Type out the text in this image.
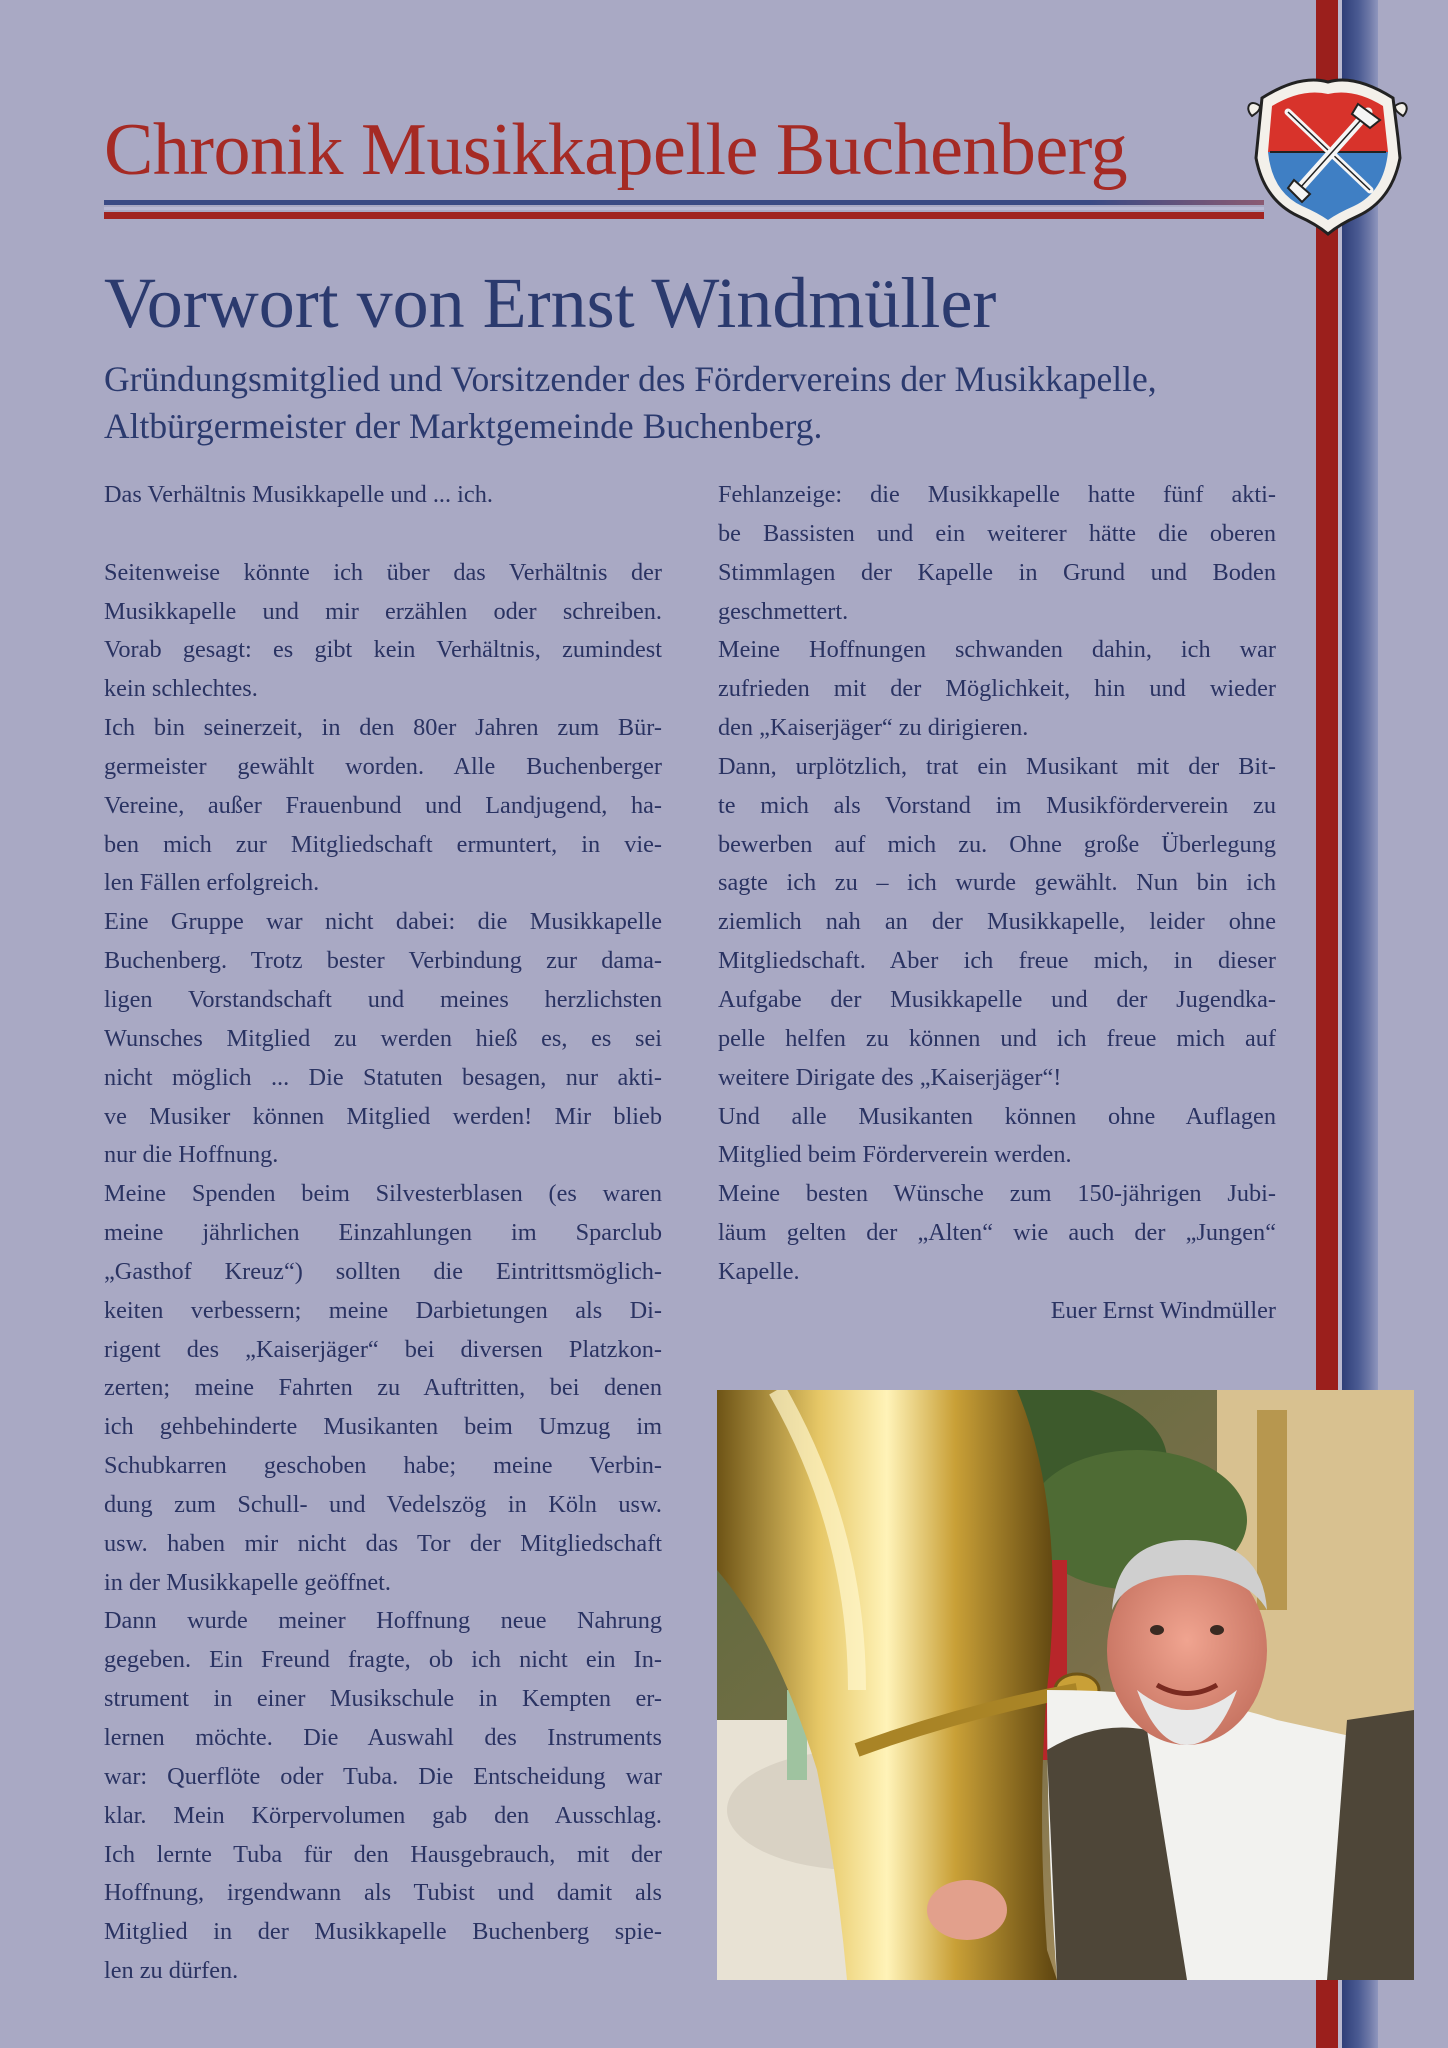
Chronik Musikkapelle Buchenberg
Vorwort von Ernst Windmüller
Gründungsmitglied und Vorsitzender des Fördervereins der Musikkapelle,
Altbürgermeister der Marktgemeinde Buchenberg.
Das Verhältnis Musikkapelle und ... ich.
Seitenweise könnte ich über das Verhältnis der
Musikkapelle und mir erzählen oder schreiben.
Vorab gesagt: es gibt kein Verhältnis, zumindest
kein schlechtes.
Ich bin seinerzeit, in den 80er Jahren zum Bür-
germeister gewählt worden. Alle Buchenberger
Vereine, außer Frauenbund und Landjugend, ha-
ben mich zur Mitgliedschaft ermuntert, in vie-
len Fällen erfolgreich.
Eine Gruppe war nicht dabei: die Musikkapelle
Buchenberg. Trotz bester Verbindung zur dama-
ligen Vorstandschaft und meines herzlichsten
Wunsches Mitglied zu werden hieß es, es sei
nicht möglich ... Die Statuten besagen, nur akti-
ve Musiker können Mitglied werden! Mir blieb
nur die Hoffnung.
Meine Spenden beim Silvesterblasen (es waren
meine jährlichen Einzahlungen im Sparclub
„Gasthof Kreuz“) sollten die Eintrittsmöglich-
keiten verbessern; meine Darbietungen als Di-
rigent des „Kaiserjäger“ bei diversen Platzkon-
zerten; meine Fahrten zu Auftritten, bei denen
ich gehbehinderte Musikanten beim Umzug im
Schubkarren geschoben habe; meine Verbin-
dung zum Schull- und Vedelszög in Köln usw.
usw. haben mir nicht das Tor der Mitgliedschaft
in der Musikkapelle geöffnet.
Dann wurde meiner Hoffnung neue Nahrung
gegeben. Ein Freund fragte, ob ich nicht ein In-
strument in einer Musikschule in Kempten er-
lernen möchte. Die Auswahl des Instruments
war: Querflöte oder Tuba. Die Entscheidung war
klar. Mein Körpervolumen gab den Ausschlag.
Ich lernte Tuba für den Hausgebrauch, mit der
Hoffnung, irgendwann als Tubist und damit als
Mitglied in der Musikkapelle Buchenberg spie-
len zu dürfen.
Fehlanzeige: die Musikkapelle hatte fünf akti-
be Bassisten und ein weiterer hätte die oberen
Stimmlagen der Kapelle in Grund und Boden
geschmettert.
Meine Hoffnungen schwanden dahin, ich war
zufrieden mit der Möglichkeit, hin und wieder
den „Kaiserjäger“ zu dirigieren.
Dann, urplötzlich, trat ein Musikant mit der Bit-
te mich als Vorstand im Musikförderverein zu
bewerben auf mich zu. Ohne große Überlegung
sagte ich zu – ich wurde gewählt. Nun bin ich
ziemlich nah an der Musikkapelle, leider ohne
Mitgliedschaft. Aber ich freue mich, in dieser
Aufgabe der Musikkapelle und der Jugendka-
pelle helfen zu können und ich freue mich auf
weitere Dirigate des „Kaiserjäger“!
Und alle Musikanten können ohne Auflagen
Mitglied beim Förderverein werden.
Meine besten Wünsche zum 150-jährigen Jubi-
läum gelten der „Alten“ wie auch der „Jungen“
Kapelle.
Euer Ernst Windmüller
